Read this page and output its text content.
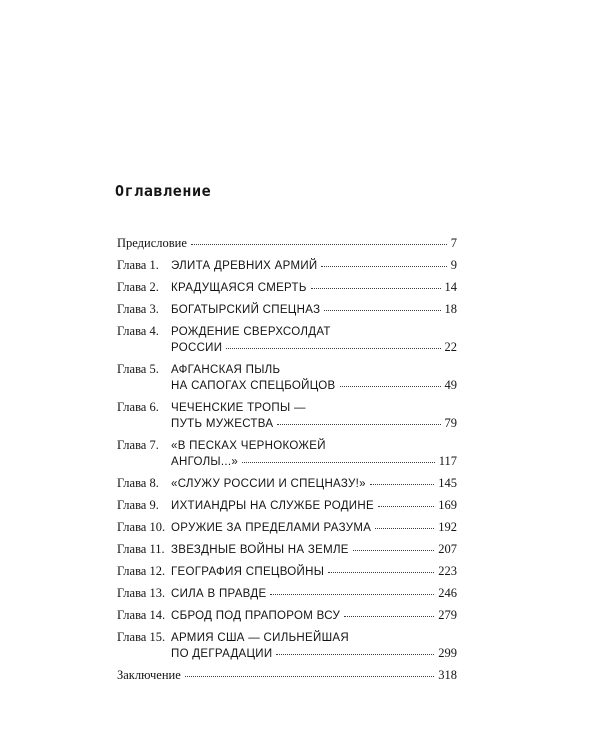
Оглавление
Предисловие	7
Глава 1.	ЭЛИТА ДРЕВНИХ АРМИЙ	9
Глава 2.	КРАДУЩАЯСЯ СМЕРТЬ	14
Глава 3.	БОГАТЫРСКИЙ СПЕЦНАЗ	18
Глава 4.	РОЖДЕНИЕ СВЕРХСОЛДАТ
РОССИИ	22
Глава 5.	АФГАНСКАЯ ПЫЛЬ
НА САПОГАХ СПЕЦБОЙЦОВ	49
Глава 6.	ЧЕЧЕНСКИЕ ТРОПЫ —
ПУТЬ МУЖЕСТВА	79
Глава 7.	«В ПЕСКАХ ЧЕРНОКОЖЕЙ
АНГОЛЫ...»	117
Глава 8.	«СЛУЖУ РОССИИ И СПЕЦНАЗУ!»	145
Глава 9.	ИХТИАНДРЫ НА СЛУЖБЕ РОДИНЕ	169
Глава 10. ОРУЖИЕ ЗА ПРЕДЕЛАМИ РАЗУМА	192
Глава 11. ЗВЕЗДНЫЕ ВОЙНЫ НА ЗЕМЛЕ	207
Глава 12. ГЕОГРАФИЯ СПЕЦВОЙНЫ	223
Глава 13. СИЛА В ПРАВДЕ	246
Глава 14. СБРОД ПОД ПРАПОРОМ ВСУ	279
Глава 15. АРМИЯ США — СИЛЬНЕЙШАЯ
ПО ДЕГРАДАЦИИ	299
Заключение	318
